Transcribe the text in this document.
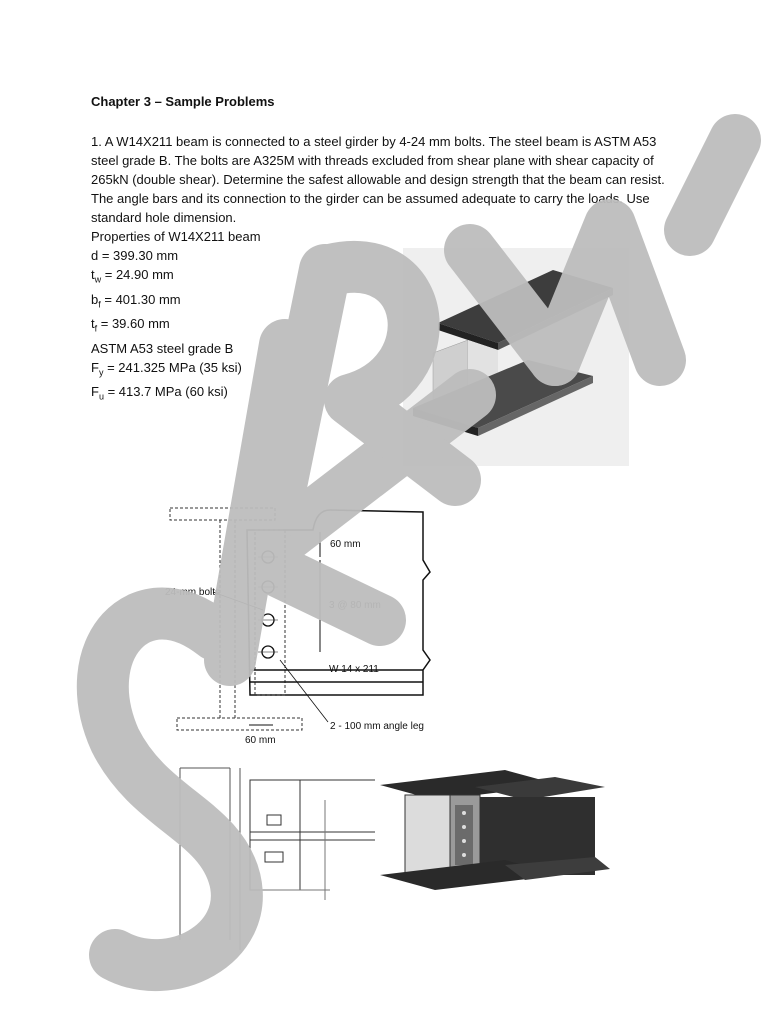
Chapter 3 – Sample Problems

1. A W14X211 beam is connected to a steel girder by 4-24 mm bolts. The steel beam is ASTM A53 steel grade B. The bolts are A325M with threads excluded from shear plane with shear capacity of 265kN (double shear). Determine the safest allowable and design strength that the beam can resist. The angle bars and its connection to the girder can be assumed adequate to carry the loads. Use standard hole dimension.

Properties of W14X211 beam
d = 399.30 mm
$t_w = 24.90$ mm
$b_f = 401.30$ mm
$t_f = 39.60$ mm
ASTM A53 steel grade B
$F_y = 241.325$ MPa (35 ksi)
$F_u = 413.7$ MPa (60 ksi)
60 mm
24-mm bolts
3 @ 80 mm
W 14 x 211
2 - 100 mm angle leg
60 mm
